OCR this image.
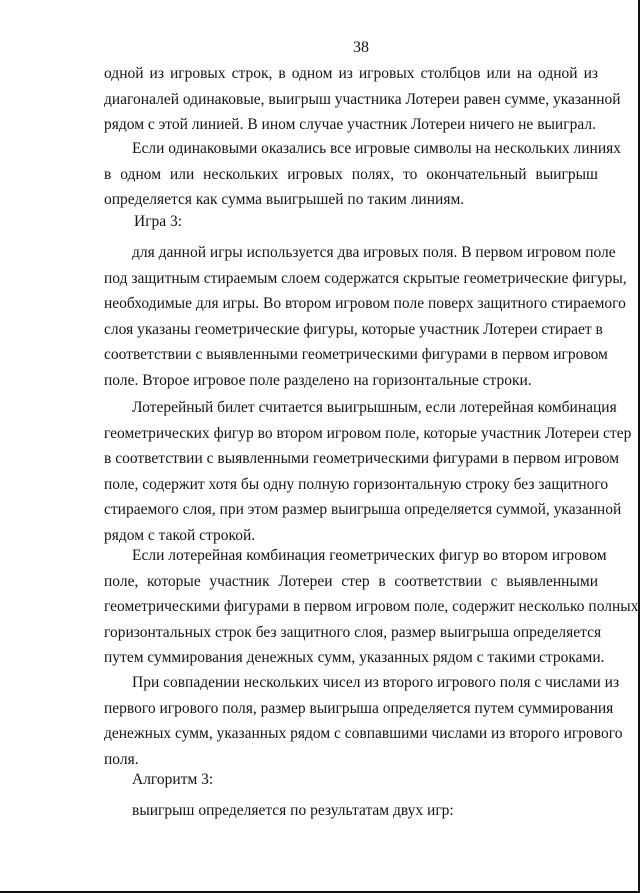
38
одной из игровых строк, в одном из игровых столбцов или на одной из
диагоналей одинаковые, выигрыш участника Лотереи равен сумме, указанной
рядом с этой линией. В ином случае участник Лотереи ничего не выиграл.
Если одинаковыми оказались все игровые символы на нескольких линиях
в одном или нескольких игровых полях, то окончательный выигрыш
определяется как сумма выигрышей по таким линиям.
Игра 3:
для данной игры используется два игровых поля. В первом игровом поле
под защитным стираемым слоем содержатся скрытые геометрические фигуры,
необходимые для игры. Во втором игровом поле поверх защитного стираемого
слоя указаны геометрические фигуры, которые участник Лотереи стирает в
соответствии с выявленными геометрическими фигурами в первом игровом
поле. Второе игровое поле разделено на горизонтальные строки.
Лотерейный билет считается выигрышным, если лотерейная комбинация
геометрических фигур во втором игровом поле, которые участник Лотереи стер
в соответствии с выявленными геометрическими фигурами в первом игровом
поле, содержит хотя бы одну полную горизонтальную строку без защитного
стираемого слоя, при этом размер выигрыша определяется суммой, указанной
рядом с такой строкой.
Если лотерейная комбинация геометрических фигур во втором игровом
поле, которые участник Лотереи стер в соответствии с выявленными
геометрическими фигурами в первом игровом поле, содержит несколько полных
горизонтальных строк без защитного слоя, размер выигрыша определяется
путем суммирования денежных сумм, указанных рядом с такими строками.
При совпадении нескольких чисел из второго игрового поля с числами из
первого игрового поля, размер выигрыша определяется путем суммирования
денежных сумм, указанных рядом с совпавшими числами из второго игрового
поля.
Алгоритм 3:
выигрыш определяется по результатам двух игр:
